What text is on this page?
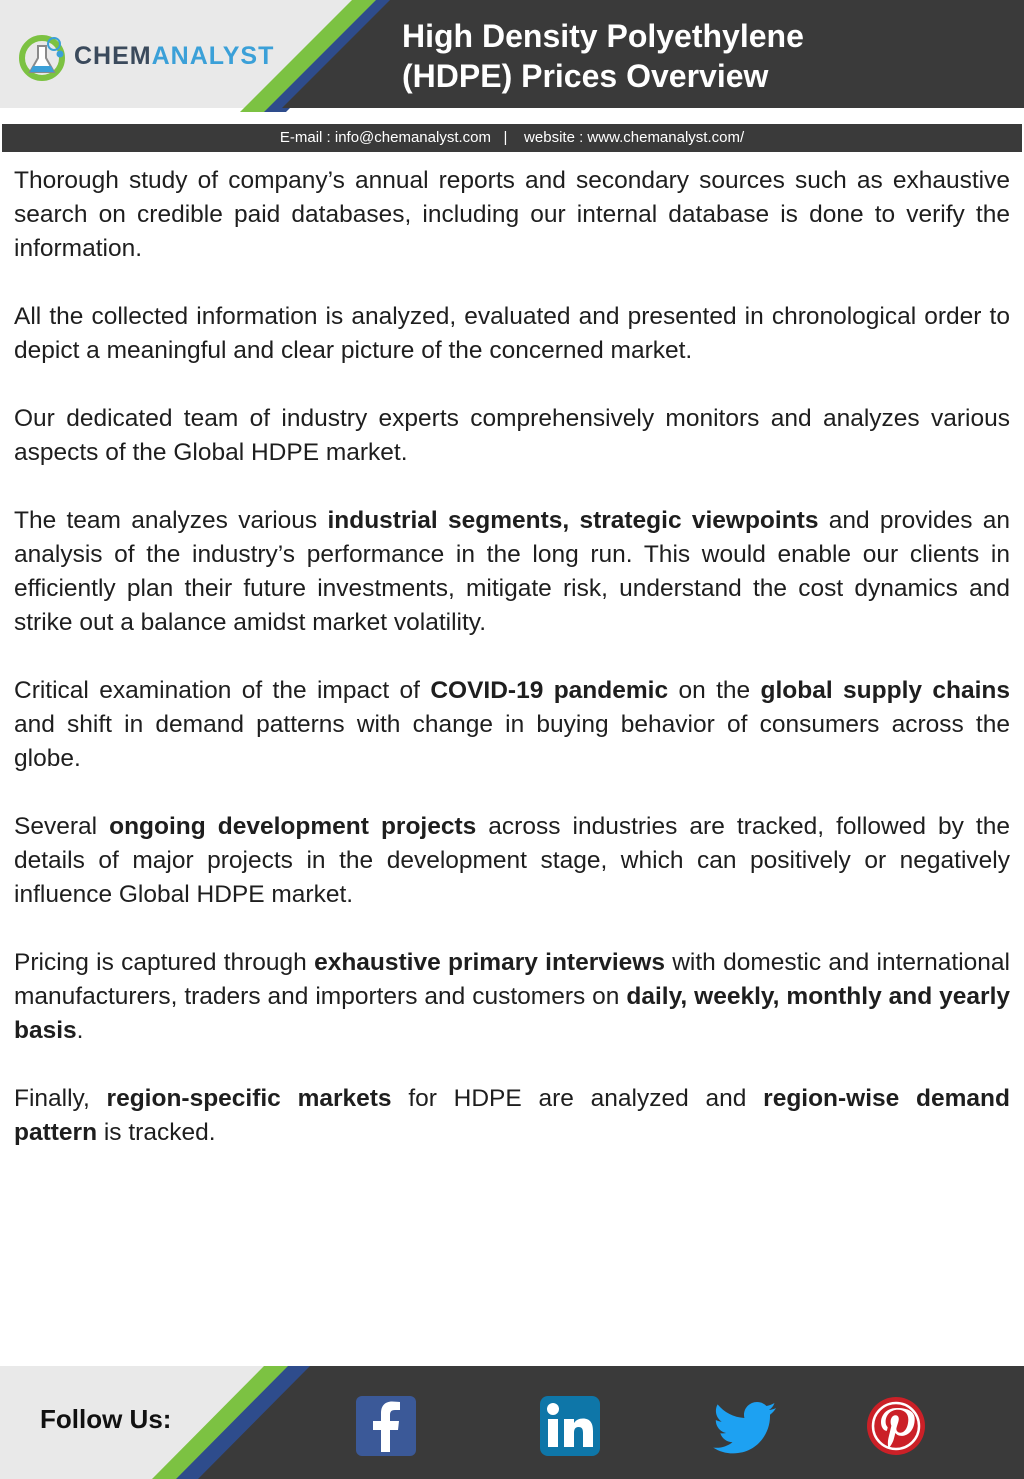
CHEMANALYST
High Density Polyethylene
(HDPE) Prices Overview
E-mail : info@chemanalyst.com   |    website : www.chemanalyst.com/

Thorough study of company’s annual reports and secondary sources such as exhaustive search on credible paid databases, including our internal database is done to verify the information.

All the collected information is analyzed, evaluated and presented in chronological order to depict a meaningful and clear picture of the concerned market.

Our dedicated team of industry experts comprehensively monitors and analyzes various aspects of the Global HDPE market.

The team analyzes various industrial segments, strategic viewpoints and provides an analysis of the industry’s performance in the long run. This would enable our clients in efficiently plan their future investments, mitigate risk, understand the cost dynamics and strike out a balance amidst market volatility.

Critical examination of the impact of COVID-19 pandemic on the global supply chains and shift in demand patterns with change in buying behavior of consumers across the globe.

Several ongoing development projects across industries are tracked, followed by the details of major projects in the development stage, which can positively or negatively influence Global HDPE market.

Pricing is captured through exhaustive primary interviews with domestic and international manufacturers, traders and importers and customers on daily, weekly, monthly and yearly basis.

Finally, region-specific markets for HDPE are analyzed and region-wise demand pattern is tracked.

Follow Us:
